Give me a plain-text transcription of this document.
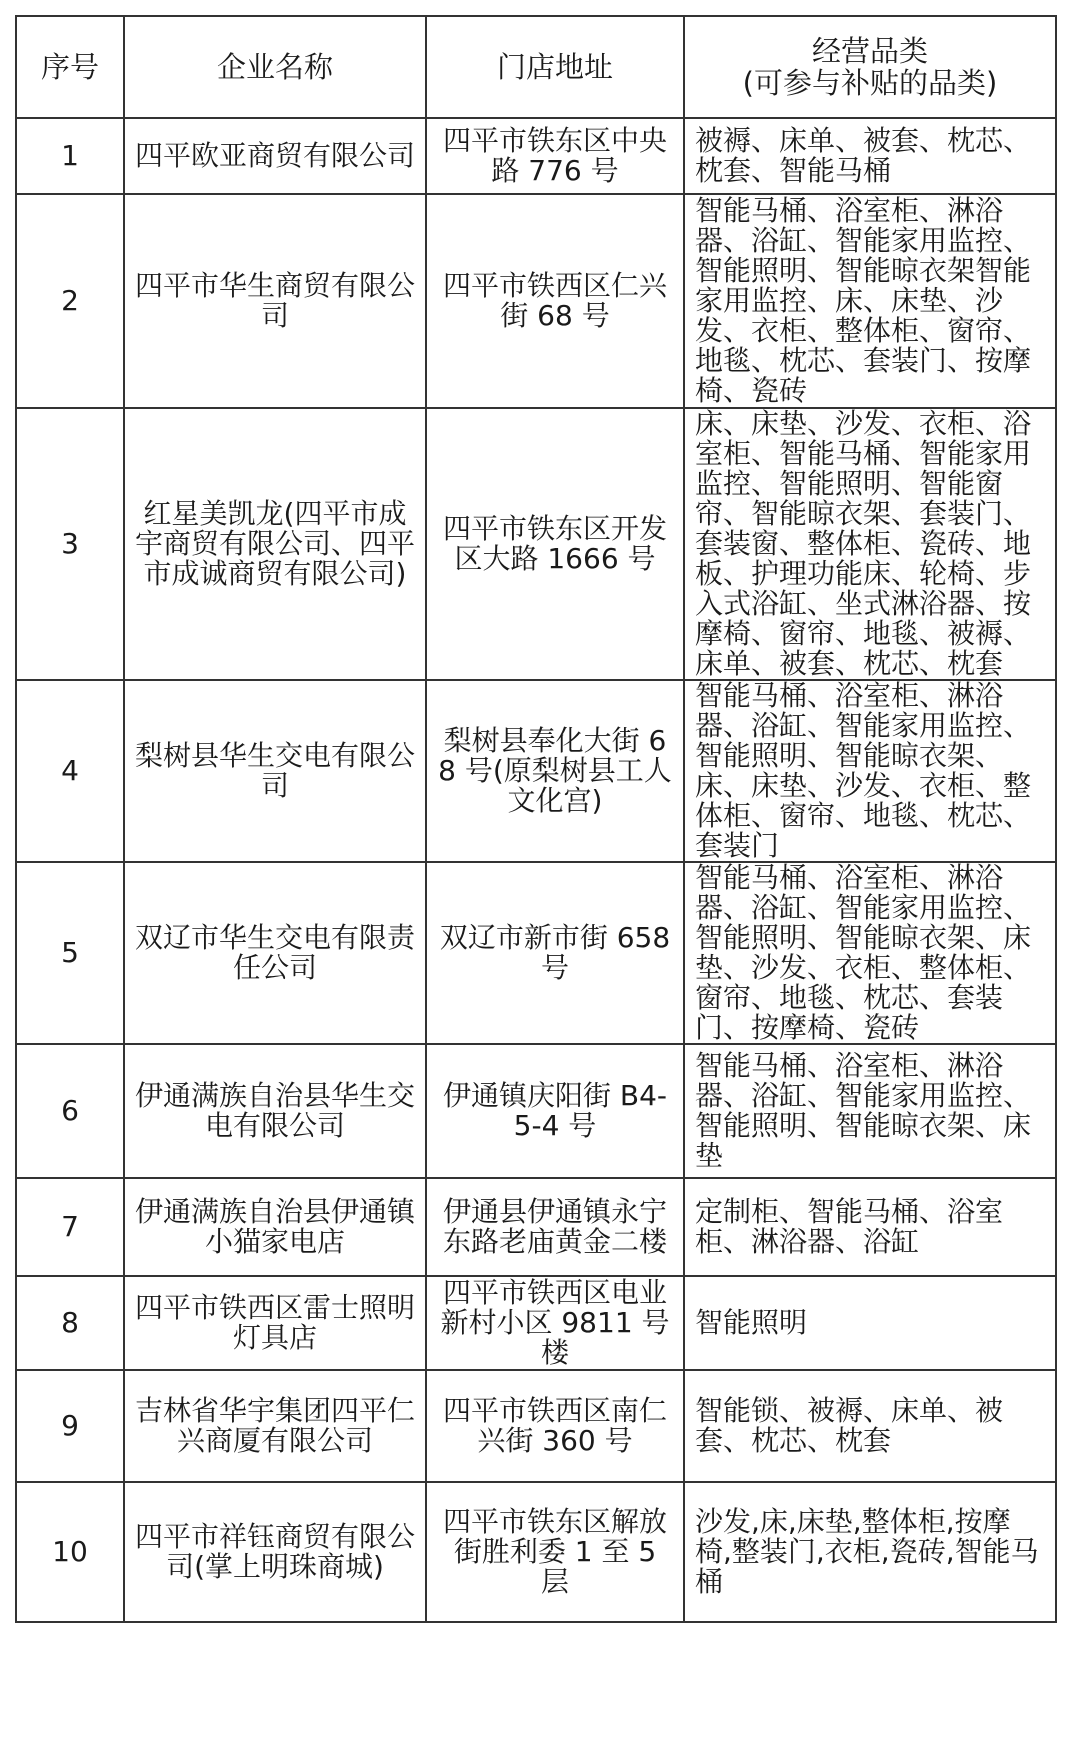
序号	企业名称	门店地址	经营品类
(可参与补贴的品类)

1	四平欧亚商贸有限公司	四平市铁东区中央路 776 号	被褥、床单、被套、枕芯、枕套、智能马桶
2	四平市华生商贸有限公司	四平市铁西区仁兴街 68 号	智能马桶、浴室柜、淋浴器、浴缸、智能家用监控、智能照明、智能晾衣架智能家用监控、床、床垫、沙发、衣柜、整体柜、窗帘、地毯、枕芯、套装门、按摩椅、瓷砖
3	红星美凯龙(四平市成宇商贸有限公司、四平市成诚商贸有限公司)	四平市铁东区开发区大路 1666 号	床、床垫、沙发、衣柜、浴室柜、智能马桶、智能家用监控、智能照明、智能窗帘、智能晾衣架、套装门、套装窗、整体柜、瓷砖、地板、护理功能床、轮椅、步入式浴缸、坐式淋浴器、按摩椅、窗帘、地毯、被褥、床单、被套、枕芯、枕套
4	梨树县华生交电有限公司	梨树县奉化大街 68 号(原梨树县工人文化宫)	智能马桶、浴室柜、淋浴器、浴缸、智能家用监控、智能照明、智能晾衣架、床、床垫、沙发、衣柜、整体柜、窗帘、地毯、枕芯、套装门
5	双辽市华生交电有限责任公司	双辽市新市街 658 号	智能马桶、浴室柜、淋浴器、浴缸、智能家用监控、智能照明、智能晾衣架、床垫、沙发、衣柜、整体柜、窗帘、地毯、枕芯、套装门、按摩椅、瓷砖
6	伊通满族自治县华生交电有限公司	伊通镇庆阳街 B4-5-4 号	智能马桶、浴室柜、淋浴器、浴缸、智能家用监控、智能照明、智能晾衣架、床垫
7	伊通满族自治县伊通镇小猫家电店	伊通县伊通镇永宁东路老庙黄金二楼	定制柜、智能马桶、浴室柜、淋浴器、浴缸
8	四平市铁西区雷士照明灯具店	四平市铁西区电业新村小区 9811 号楼	智能照明
9	吉林省华宇集团四平仁兴商厦有限公司	四平市铁西区南仁兴街 360 号	智能锁、被褥、床单、被套、枕芯、枕套
10	四平市祥钰商贸有限公司(掌上明珠商城)	四平市铁东区解放街胜利委 1 至 5 层	沙发,床,床垫,整体柜,按摩椅,整装门,衣柜,瓷砖,智能马桶
